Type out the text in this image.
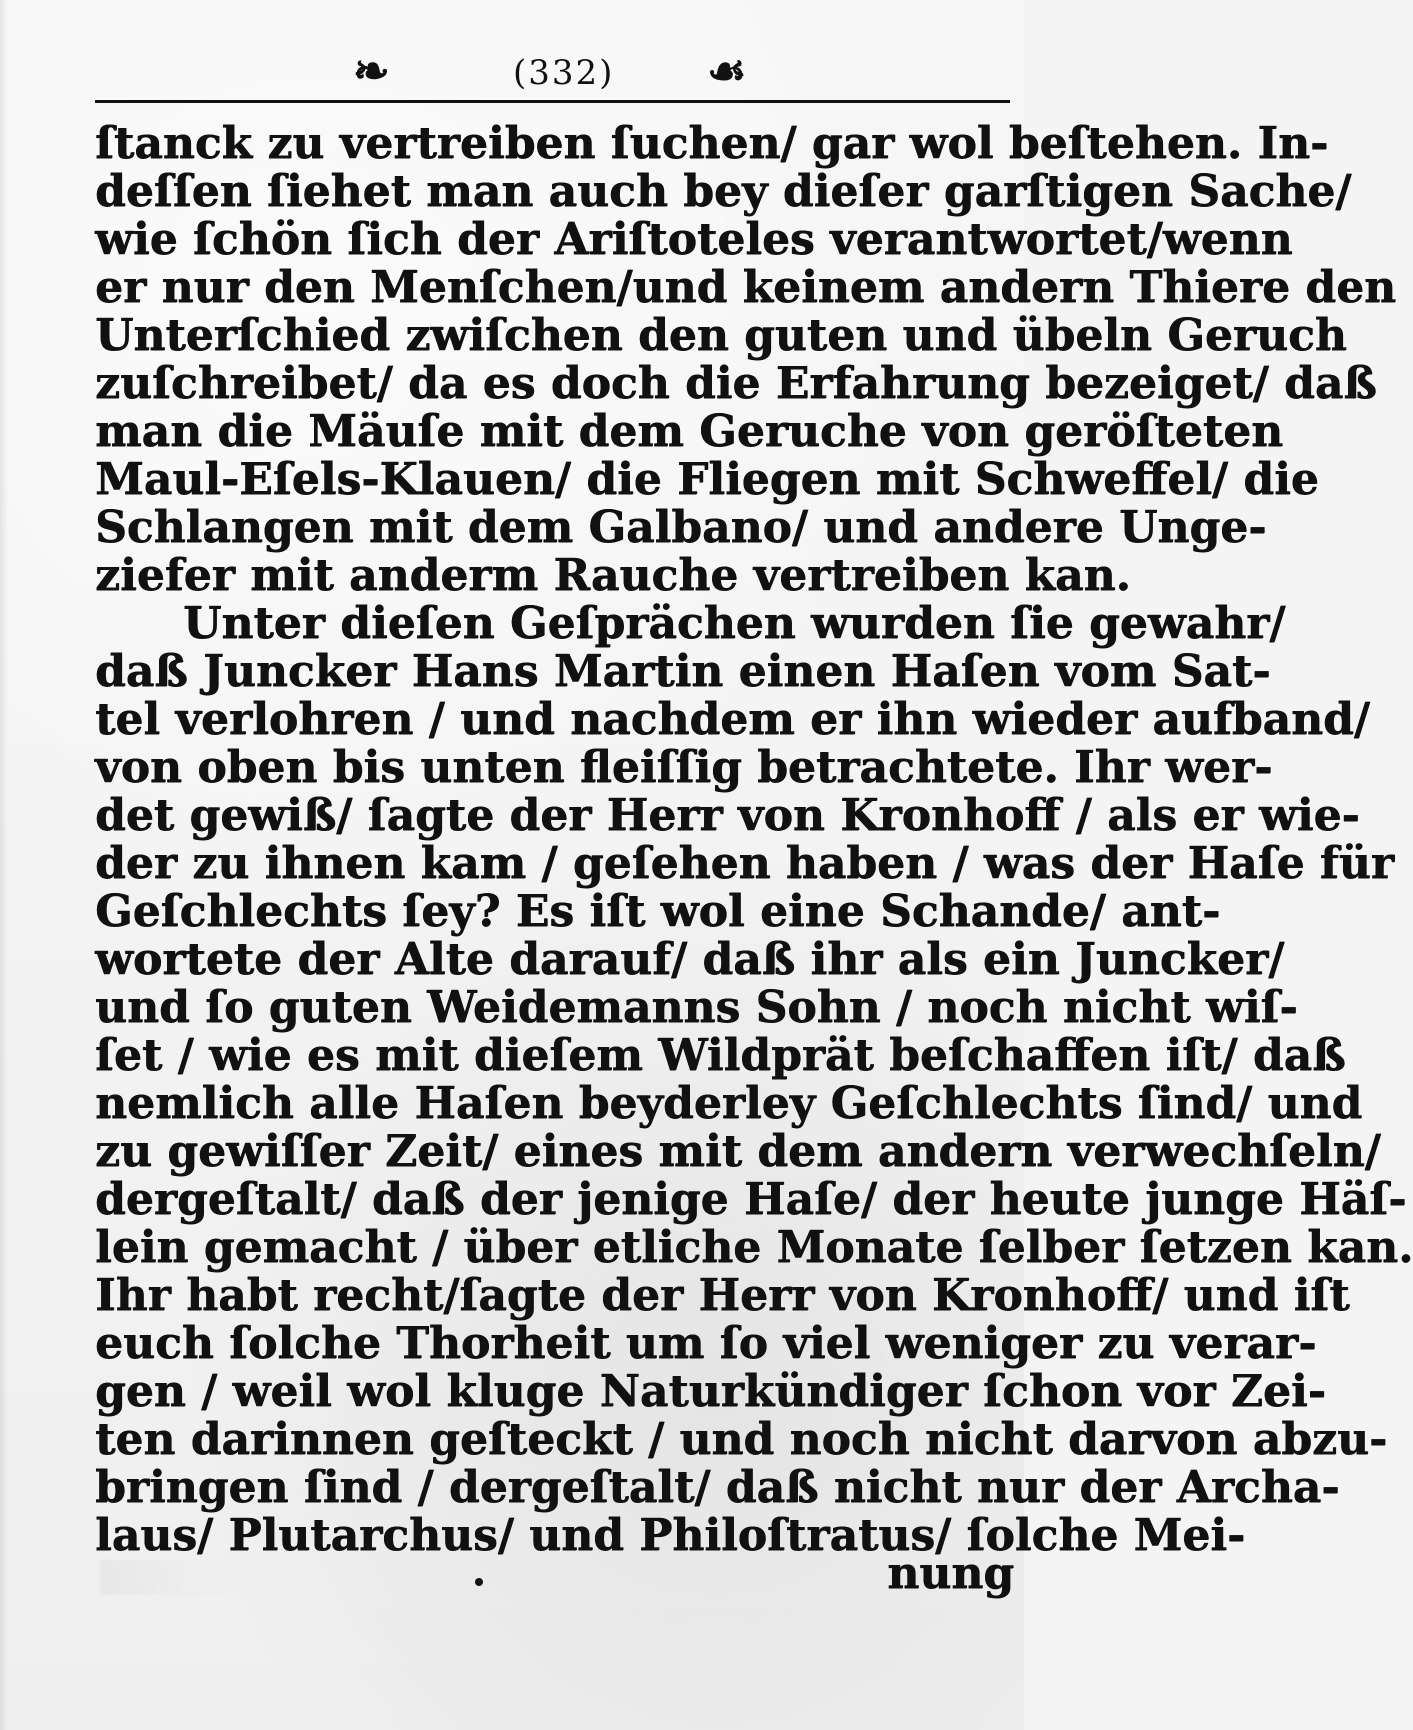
❧	(332) ☙
ſtanck zu vertreiben ſuchen/ gar wol beſtehen. In-
deſſen ſiehet man auch bey dieſer garſtigen Sache/
wie ſchön ſich der Ariſtoteles verantwortet/wenn
er nur den Menſchen/und keinem andern Thiere den
Unterſchied zwiſchen den guten und übeln Geruch
zuſchreibet/ da es doch die Erfahrung bezeiget/ daß
man die Mäuſe mit dem Geruche von geröſteten
Maul-Eſels-Klauen/ die Fliegen mit Schweffel/ die
Schlangen mit dem Galbano/ und andere Unge-
ziefer mit anderm Rauche vertreiben kan.
Unter dieſen Geſprächen wurden ſie gewahr/
daß Juncker Hans Martin einen Haſen vom Sat-
tel verlohren / und nachdem er ihn wieder aufband/
von oben bis unten fleiſſig betrachtete. Ihr wer-
det gewiß/ ſagte der Herr von Kronhoff / als er wie-
der zu ihnen kam / geſehen haben / was der Haſe für
Geſchlechts ſey? Es iſt wol eine Schande/ ant-
wortete der Alte darauf/ daß ihr als ein Juncker/
und ſo guten Weidemanns Sohn / noch nicht wiſ-
ſet / wie es mit dieſem Wildprät beſchaffen iſt/ daß
nemlich alle Haſen beyderley Geſchlechts ſind/ und
zu gewiſſer Zeit/ eines mit dem andern verwechſeln/
dergeſtalt/ daß der jenige Haſe/ der heute junge Häſ-
lein gemacht / über etliche Monate ſelber ſetzen kan.
Ihr habt recht/ſagte der Herr von Kronhoff/ und iſt
euch ſolche Thorheit um ſo viel weniger zu verar-
gen / weil wol kluge Naturkündiger ſchon vor Zei-
ten darinnen geſteckt / und noch nicht darvon abzu-
bringen ſind / dergeſtalt/ daß nicht nur der Archa-
laus/ Plutarchus/ und Philoſtratus/ ſolche Mei-
nung
